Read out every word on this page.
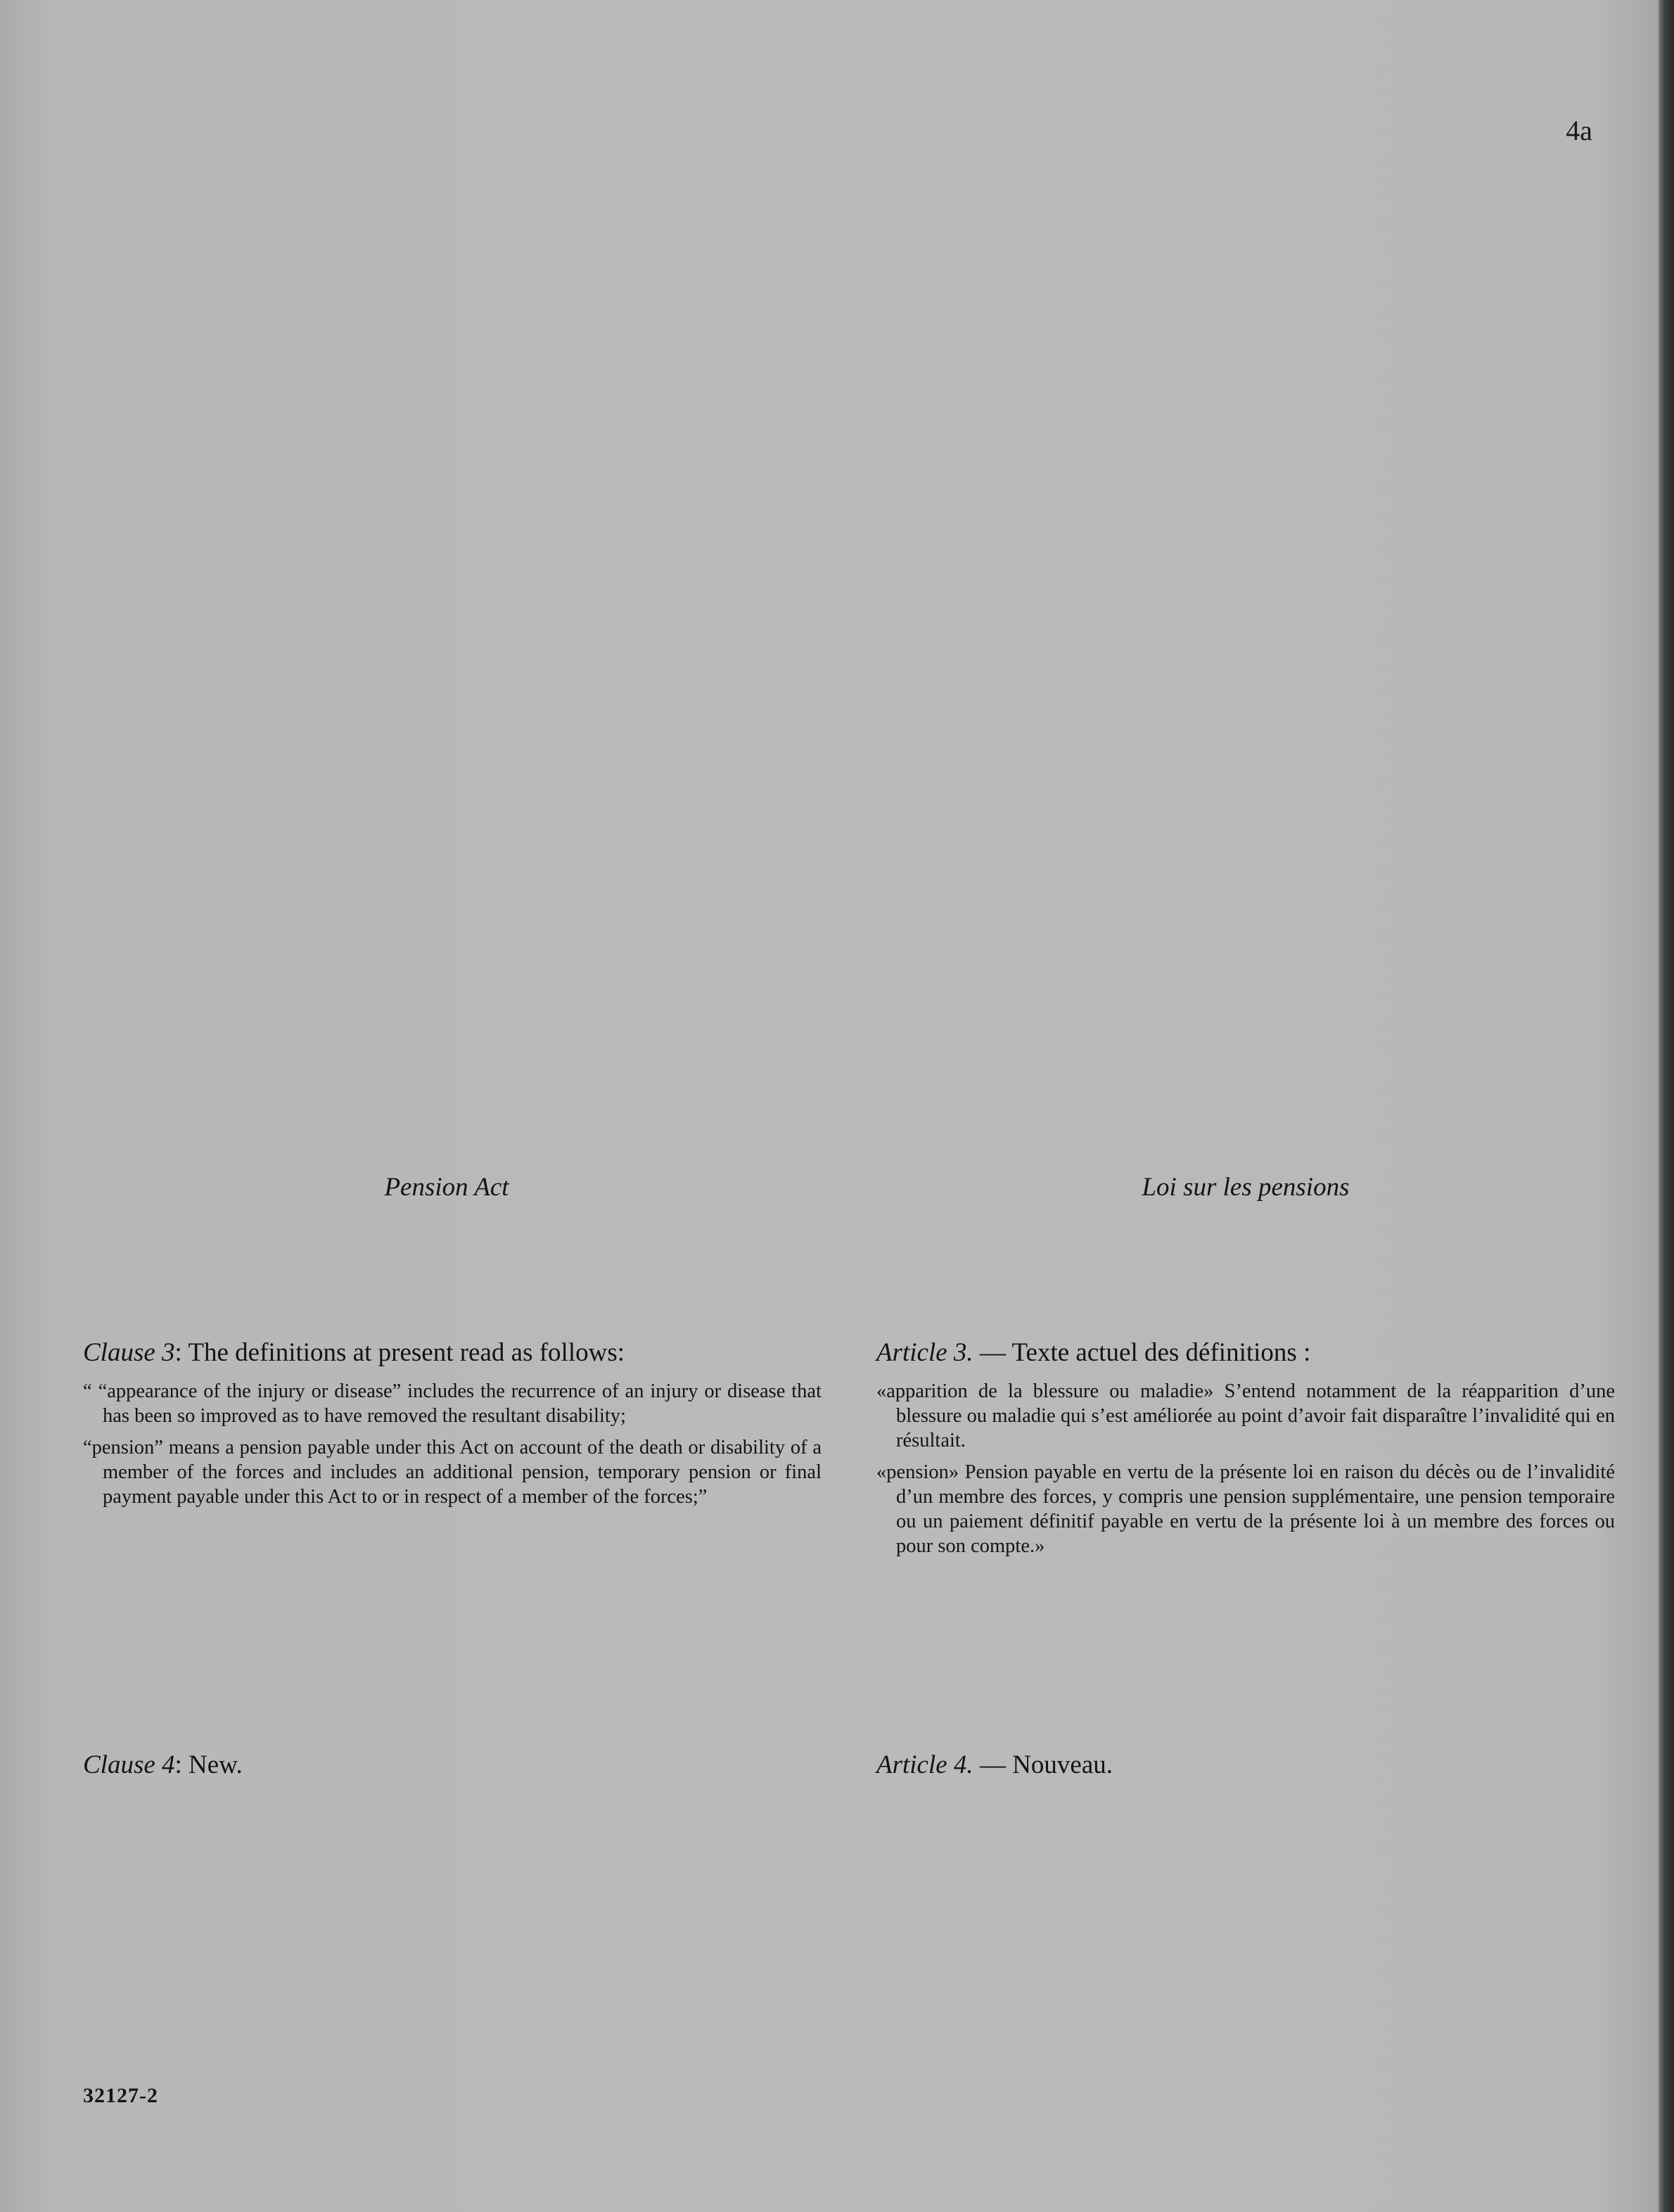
4a
Pension Act	Loi sur les pensions

Clause 3: The definitions at present read as follows:

“ “appearance of the injury or disease” includes the recurrence of an injury or disease that has been so improved as to have removed the resultant disability;

“pension” means a pension payable under this Act on account of the death or disability of a member of the forces and includes an additional pension, temporary pension or final payment payable under this Act to or in respect of a member of the forces;”

Article 3. — Texte actuel des définitions :

«apparition de la blessure ou maladie» S’entend notamment de la réapparition d’une blessure ou maladie qui s’est améliorée au point d’avoir fait disparaître l’invalidité qui en résultait.

«pension» Pension payable en vertu de la présente loi en raison du décès ou de l’invalidité d’un membre des forces, y compris une pension supplémentaire, une pension temporaire ou un paiement définitif payable en vertu de la présente loi à un membre des forces ou pour son compte.»

Clause 4: New.	Article 4. — Nouveau.

32127-2
